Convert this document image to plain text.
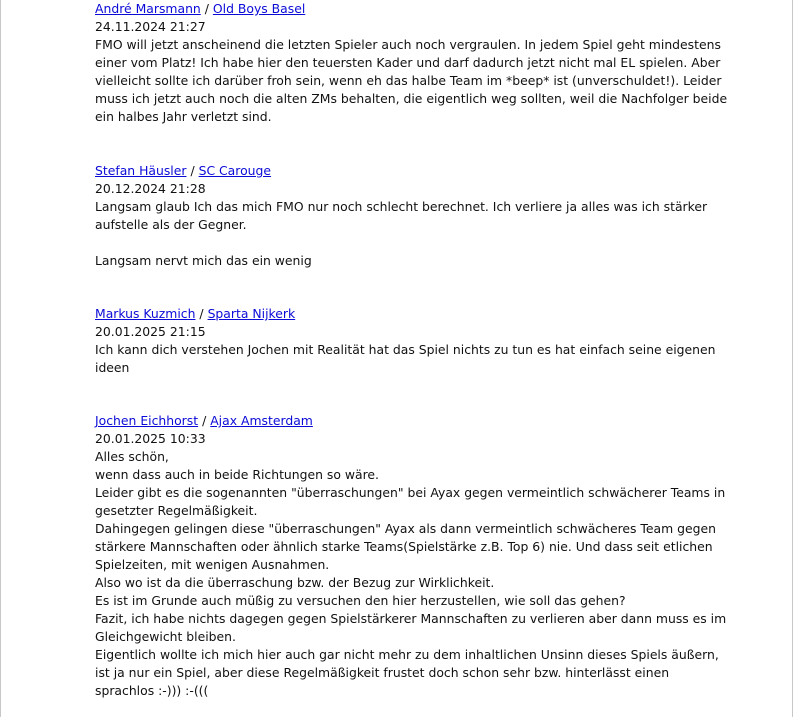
André Marsmann / Old Boys Basel
24.11.2024 21:27
FMO will jetzt anscheinend die letzten Spieler auch noch vergraulen. In jedem Spiel geht mindestens
einer vom Platz! Ich habe hier den teuersten Kader und darf dadurch jetzt nicht mal EL spielen. Aber
vielleicht sollte ich darüber froh sein, wenn eh das halbe Team im *beep* ist (unverschuldet!). Leider
muss ich jetzt auch noch die alten ZMs behalten, die eigentlich weg sollten, weil die Nachfolger beide
ein halbes Jahr verletzt sind.
Stefan Häusler / SC Carouge
20.12.2024 21:28
Langsam glaub Ich das mich FMO nur noch schlecht berechnet. Ich verliere ja alles was ich stärker
aufstelle als der Gegner.
Langsam nervt mich das ein wenig
Markus Kuzmich / Sparta Nijkerk
20.01.2025 21:15
Ich kann dich verstehen Jochen mit Realität hat das Spiel nichts zu tun es hat einfach seine eigenen
ideen
Jochen Eichhorst / Ajax Amsterdam
20.01.2025 10:33
Alles schön,
wenn dass auch in beide Richtungen so wäre.
Leider gibt es die sogenannten "überraschungen" bei Ayax gegen vermeintlich schwächerer Teams in
gesetzter Regelmäßigkeit.
Dahingegen gelingen diese "überraschungen" Ayax als dann vermeintlich schwächeres Team gegen
stärkere Mannschaften oder ähnlich starke Teams(Spielstärke z.B. Top 6) nie. Und dass seit etlichen
Spielzeiten, mit wenigen Ausnahmen.
Also wo ist da die überraschung bzw. der Bezug zur Wirklichkeit.
Es ist im Grunde auch müßig zu versuchen den hier herzustellen, wie soll das gehen?
Fazit, ich habe nichts dagegen gegen Spielstärkerer Mannschaften zu verlieren aber dann muss es im
Gleichgewicht bleiben.
Eigentlich wollte ich mich hier auch gar nicht mehr zu dem inhaltlichen Unsinn dieses Spiels äußern,
ist ja nur ein Spiel, aber diese Regelmäßigkeit frustet doch schon sehr bzw. hinterlässt einen
sprachlos :-))) :-(((
